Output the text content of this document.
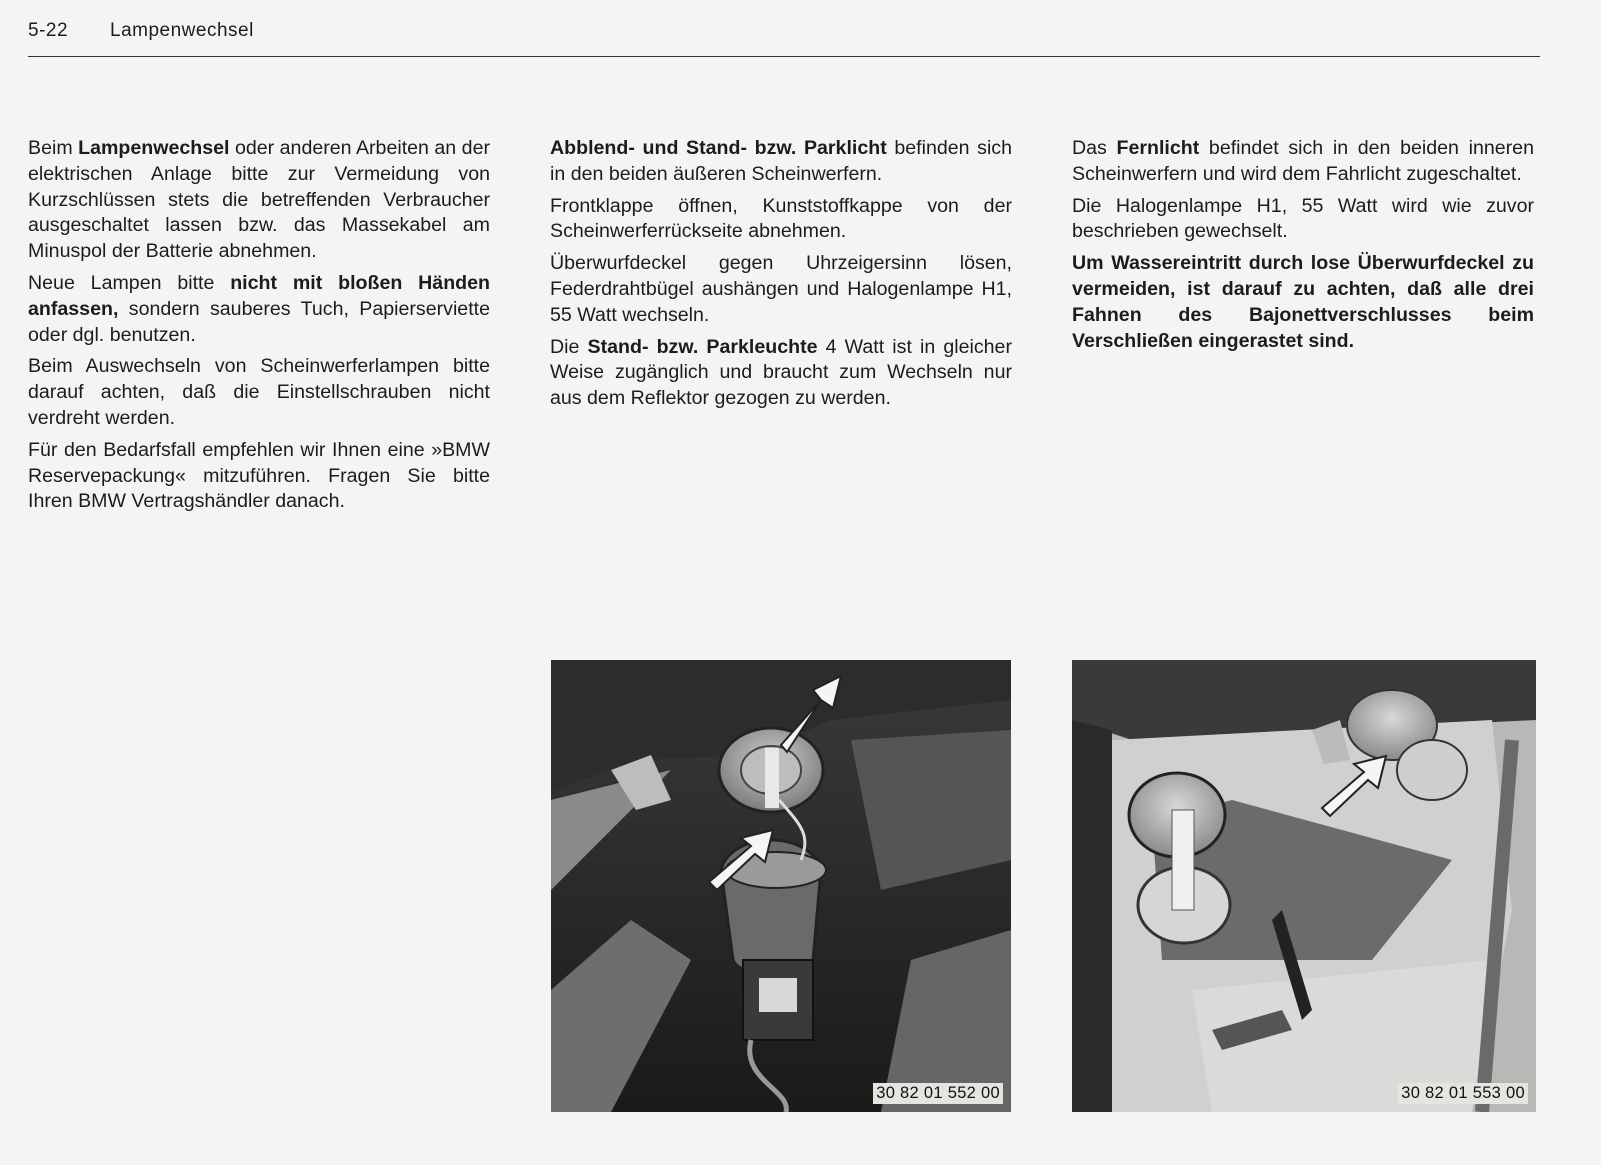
5-22 Lampenwechsel

Beim Lampenwechsel oder anderen Arbeiten an der elektrischen Anlage bitte zur Vermeidung von Kurzschlüssen stets die betreffenden Verbraucher ausgeschaltet lassen bzw. das Massekabel am Minuspol der Batterie abnehmen.

Neue Lampen bitte nicht mit bloßen Händen anfassen, sondern sauberes Tuch, Papierserviette oder dgl. benutzen.

Beim Auswechseln von Scheinwerferlampen bitte darauf achten, daß die Einstellschrauben nicht verdreht werden.

Für den Bedarfsfall empfehlen wir Ihnen eine »BMW Reservepackung« mitzuführen. Fragen Sie bitte Ihren BMW Vertragshändler danach.

Abblend- und Stand- bzw. Parklicht befinden sich in den beiden äußeren Scheinwerfern.

Frontklappe öffnen, Kunststoffkappe von der Scheinwerferrückseite abnehmen.

Überwurfdeckel gegen Uhrzeigersinn lösen, Federdrahtbügel aushängen und Halogenlampe H1, 55 Watt wechseln.

Die Stand- bzw. Parkleuchte 4 Watt ist in gleicher Weise zugänglich und braucht zum Wechseln nur aus dem Reflektor gezogen zu werden.

Das Fernlicht befindet sich in den beiden inneren Scheinwerfern und wird dem Fahrlicht zugeschaltet.

Die Halogenlampe H1, 55 Watt wird wie zuvor beschrieben gewechselt.

Um Wassereintritt durch lose Überwurfdeckel zu vermeiden, ist darauf zu achten, daß alle drei Fahnen des Bajonettverschlusses beim Verschließen eingerastet sind.

30 82 01 552 00	30 82 01 553 00
